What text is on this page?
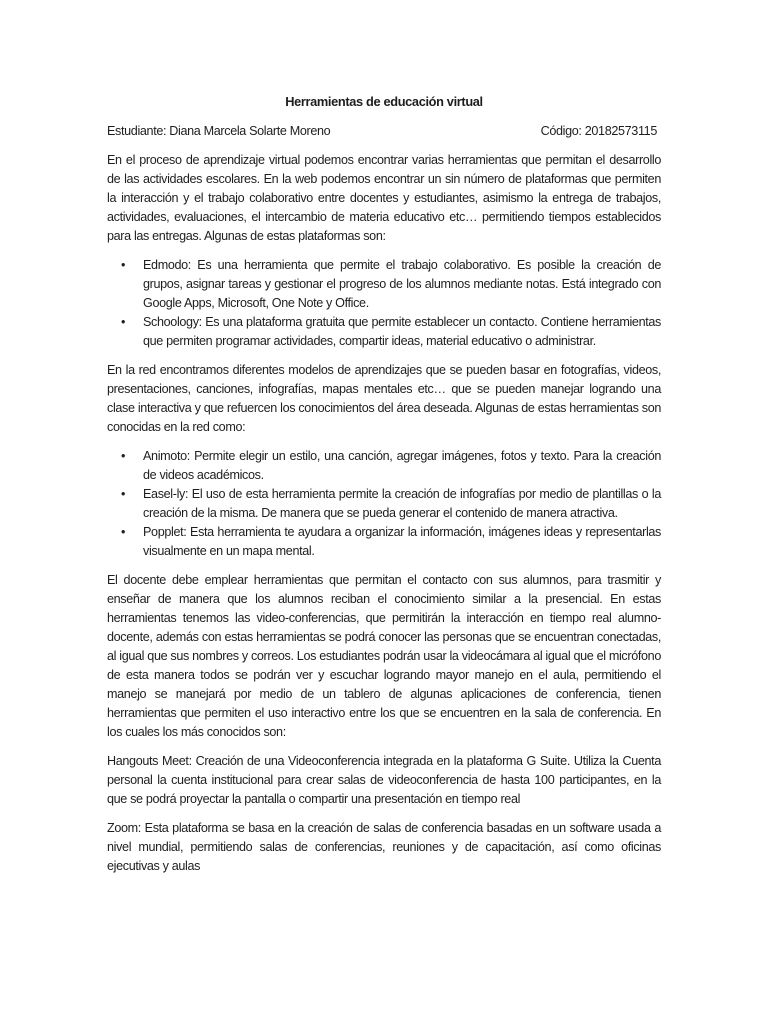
Herramientas de educación virtual
Estudiante: Diana Marcela Solarte Moreno	Código: 20182573115

En el proceso de aprendizaje virtual podemos encontrar varias herramientas que permitan el desarrollo de las actividades escolares. En la web podemos encontrar un sin número de plataformas que permiten la interacción y el trabajo colaborativo entre docentes y estudiantes, asimismo la entrega de trabajos, actividades, evaluaciones, el intercambio de materia educativo etc… permitiendo tiempos establecidos para las entregas. Algunas de estas plataformas son:

• Edmodo: Es una herramienta que permite el trabajo colaborativo. Es posible la creación de grupos, asignar tareas y gestionar el progreso de los alumnos mediante notas. Está integrado con Google Apps, Microsoft, One Note y Office.
• Schoology: Es una plataforma gratuita que permite establecer un contacto. Contiene herramientas que permiten programar actividades, compartir ideas, material educativo o administrar.

En la red encontramos diferentes modelos de aprendizajes que se pueden basar en fotografías, videos, presentaciones, canciones, infografías, mapas mentales etc… que se pueden manejar logrando una clase interactiva y que refuercen los conocimientos del área deseada. Algunas de estas herramientas son conocidas en la red como:

• Animoto: Permite elegir un estilo, una canción, agregar imágenes, fotos y texto. Para la creación de videos académicos.
• Easel-ly: El uso de esta herramienta permite la creación de infografías por medio de plantillas o la creación de la misma. De manera que se pueda generar el contenido de manera atractiva.
• Popplet: Esta herramienta te ayudara a organizar la información, imágenes ideas y representarlas visualmente en un mapa mental.

El docente debe emplear herramientas que permitan el contacto con sus alumnos, para trasmitir y enseñar de manera que los alumnos reciban el conocimiento similar a la presencial. En estas herramientas tenemos las video-conferencias, que permitirán la interacción en tiempo real alumno-docente, además con estas herramientas se podrá conocer las personas que se encuentran conectadas, al igual que sus nombres y correos. Los estudiantes podrán usar la videocámara al igual que el micrófono de esta manera todos se podrán ver y escuchar logrando mayor manejo en el aula, permitiendo el manejo se manejará por medio de un tablero de algunas aplicaciones de conferencia, tienen herramientas que permiten el uso interactivo entre los que se encuentren en la sala de conferencia. En los cuales los más conocidos son:

Hangouts Meet: Creación de una Videoconferencia integrada en la plataforma G Suite. Utiliza la Cuenta personal la cuenta institucional para crear salas de videoconferencia de hasta 100 participantes, en la que se podrá proyectar la pantalla o compartir una presentación en tiempo real

Zoom: Esta plataforma se basa en la creación de salas de conferencia basadas en un software usada a nivel mundial, permitiendo salas de conferencias, reuniones y de capacitación, así como oficinas ejecutivas y aulas
